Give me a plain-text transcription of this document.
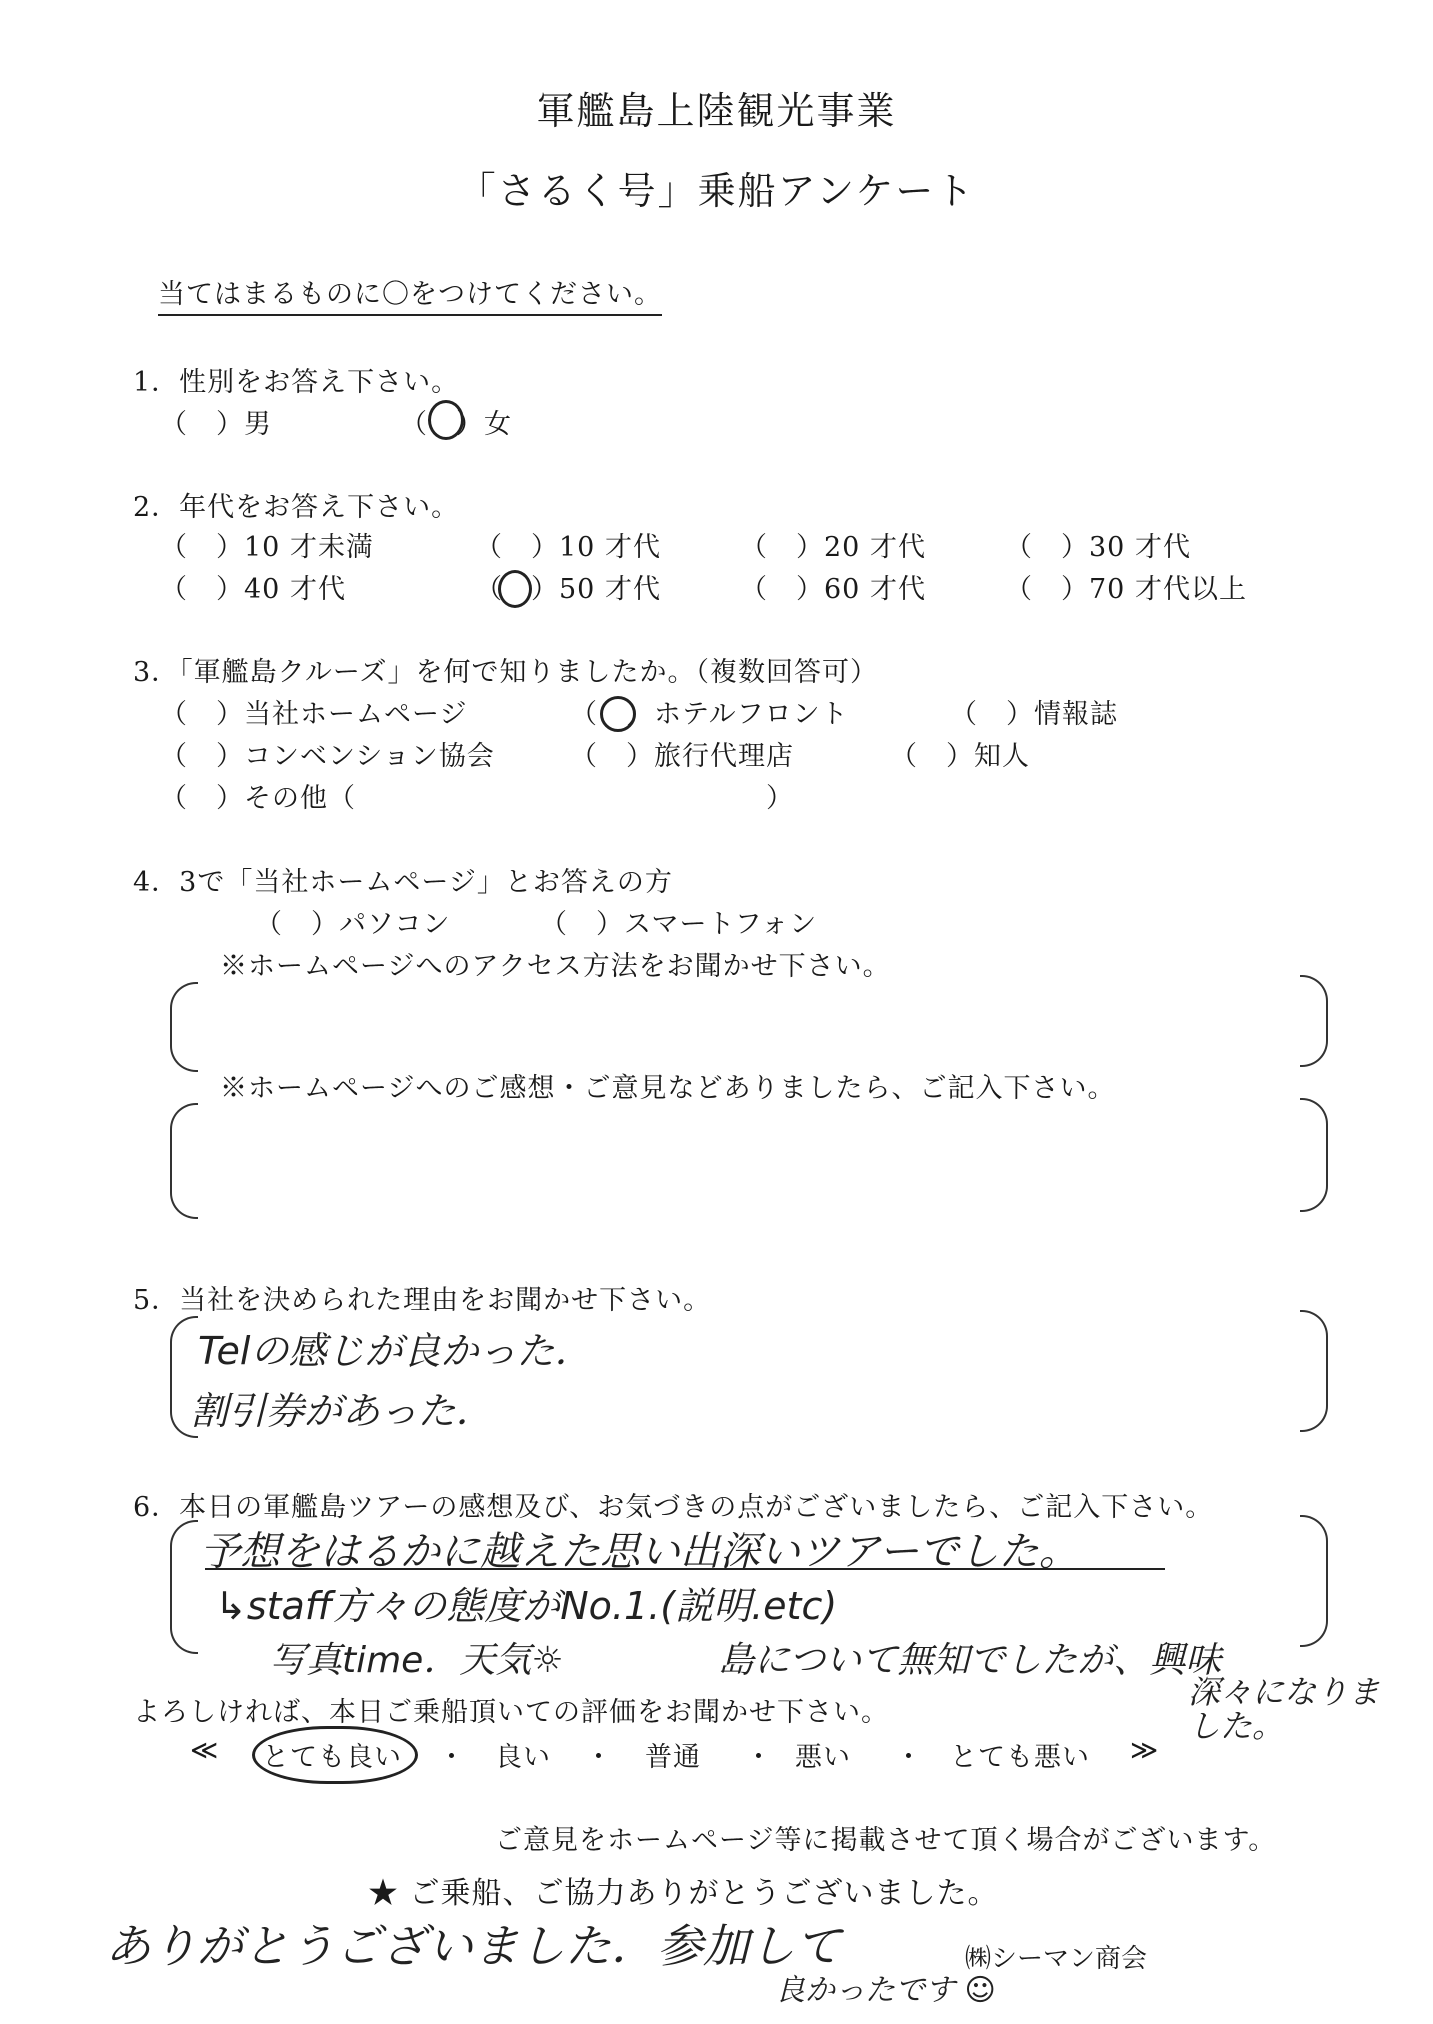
軍艦島上陸観光事業
「さるく号」乗船アンケート
当てはまるものに〇をつけてください。
1．性別をお答え下さい。
（　）男	（　）女
2．年代をお答え下さい。
（　）10 才未満	（　）10 才代	（　）20 才代	（　）30 才代
（　）40 才代	（　）50 才代	（　）60 才代	（　）70 才代以上
3．「軍艦島クルーズ」を何で知りましたか。（複数回答可）
（　）当社ホームページ	（　）ホテルフロント	（　）情報誌
（　）コンベンション協会	（　）旅行代理店	（　）知人
（　）その他（	）
4．3で「当社ホームページ」とお答えの方
（　）パソコン	（　）スマートフォン
※ホームページへのアクセス方法をお聞かせ下さい。
※ホームページへのご感想・ご意見などありましたら、ご記入下さい。
5．当社を決められた理由をお聞かせ下さい。
Telの感じが良かった．
割引券があった．
6．本日の軍艦島ツアーの感想及び、お気づきの点がございましたら、ご記入下さい。
予想をはるかに越えた思い出深いツアーでした。
↳staff方々の態度がNo.1.(説明.etc)
写真time．天気☼	島について無知でしたが、興味
深々になりました。
よろしければ、本日ご乗船頂いての評価をお聞かせ下さい。
≪ とても良い ・ 良い ・ 普通 ・ 悪い ・ とても悪い ≫
ご意見をホームページ等に掲載させて頂く場合がございます。
★ ご乗船、ご協力ありがとうございました。
ありがとうございました．参加して
良かったです ☺
㈱シーマン商会
